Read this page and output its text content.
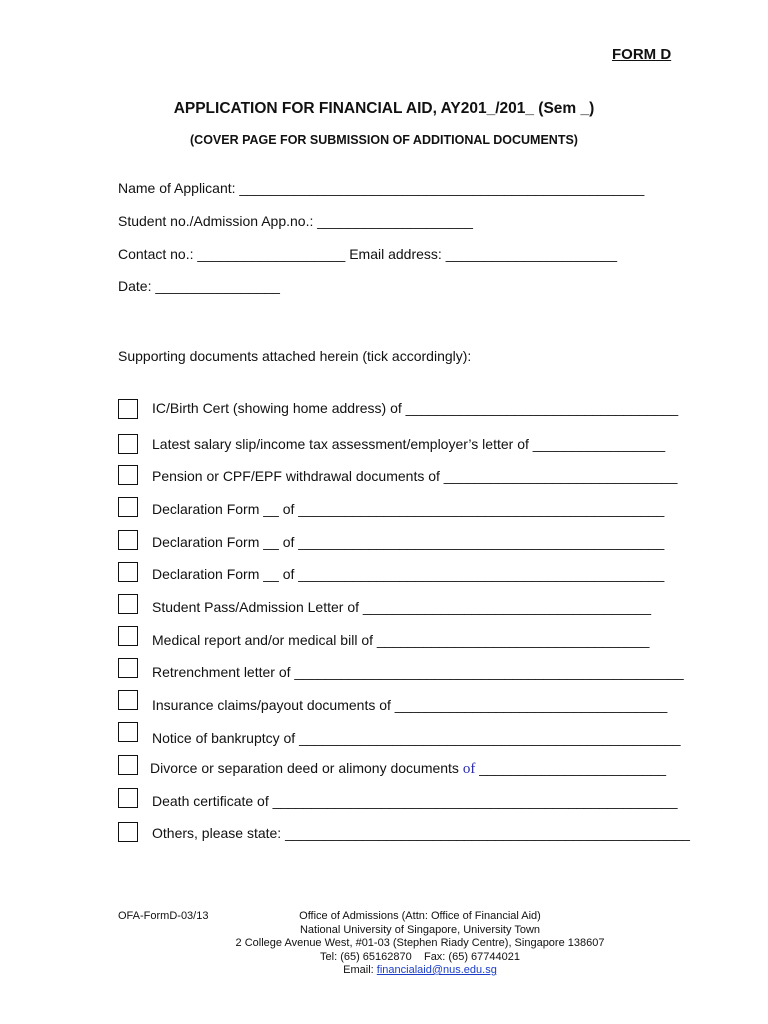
FORM D
APPLICATION FOR FINANCIAL AID, AY201_/201_ (Sem _)
(COVER PAGE FOR SUBMISSION OF ADDITIONAL DOCUMENTS)
Name of Applicant: ____________________________________________________
Student no./Admission App.no.: ____________________
Contact no.: ___________________ Email address: ______________________
Date: ________________
Supporting documents attached herein (tick accordingly):
IC/Birth Cert (showing home address) of ___________________________________
Latest salary slip/income tax assessment/employer’s letter of _________________
Pension or CPF/EPF withdrawal documents of ______________________________
Declaration Form __ of _______________________________________________
Declaration Form __ of _______________________________________________
Declaration Form __ of _______________________________________________
Student Pass/Admission Letter of _____________________________________
Medical report and/or medical bill of ___________________________________
Retrenchment letter of __________________________________________________
Insurance claims/payout documents of ___________________________________
Notice of bankruptcy of _________________________________________________
Divorce or separation deed or alimony documents of ________________________
Death certificate of ____________________________________________________
Others, please state: ____________________________________________________
OFA-FormD-03/13	Office of Admissions (Attn: Office of Financial Aid)
National University of Singapore, University Town
2 College Avenue West, #01-03 (Stephen Riady Centre), Singapore 138607
Tel: (65) 65162870    Fax: (65) 67744021
Email: financialaid@nus.edu.sg
